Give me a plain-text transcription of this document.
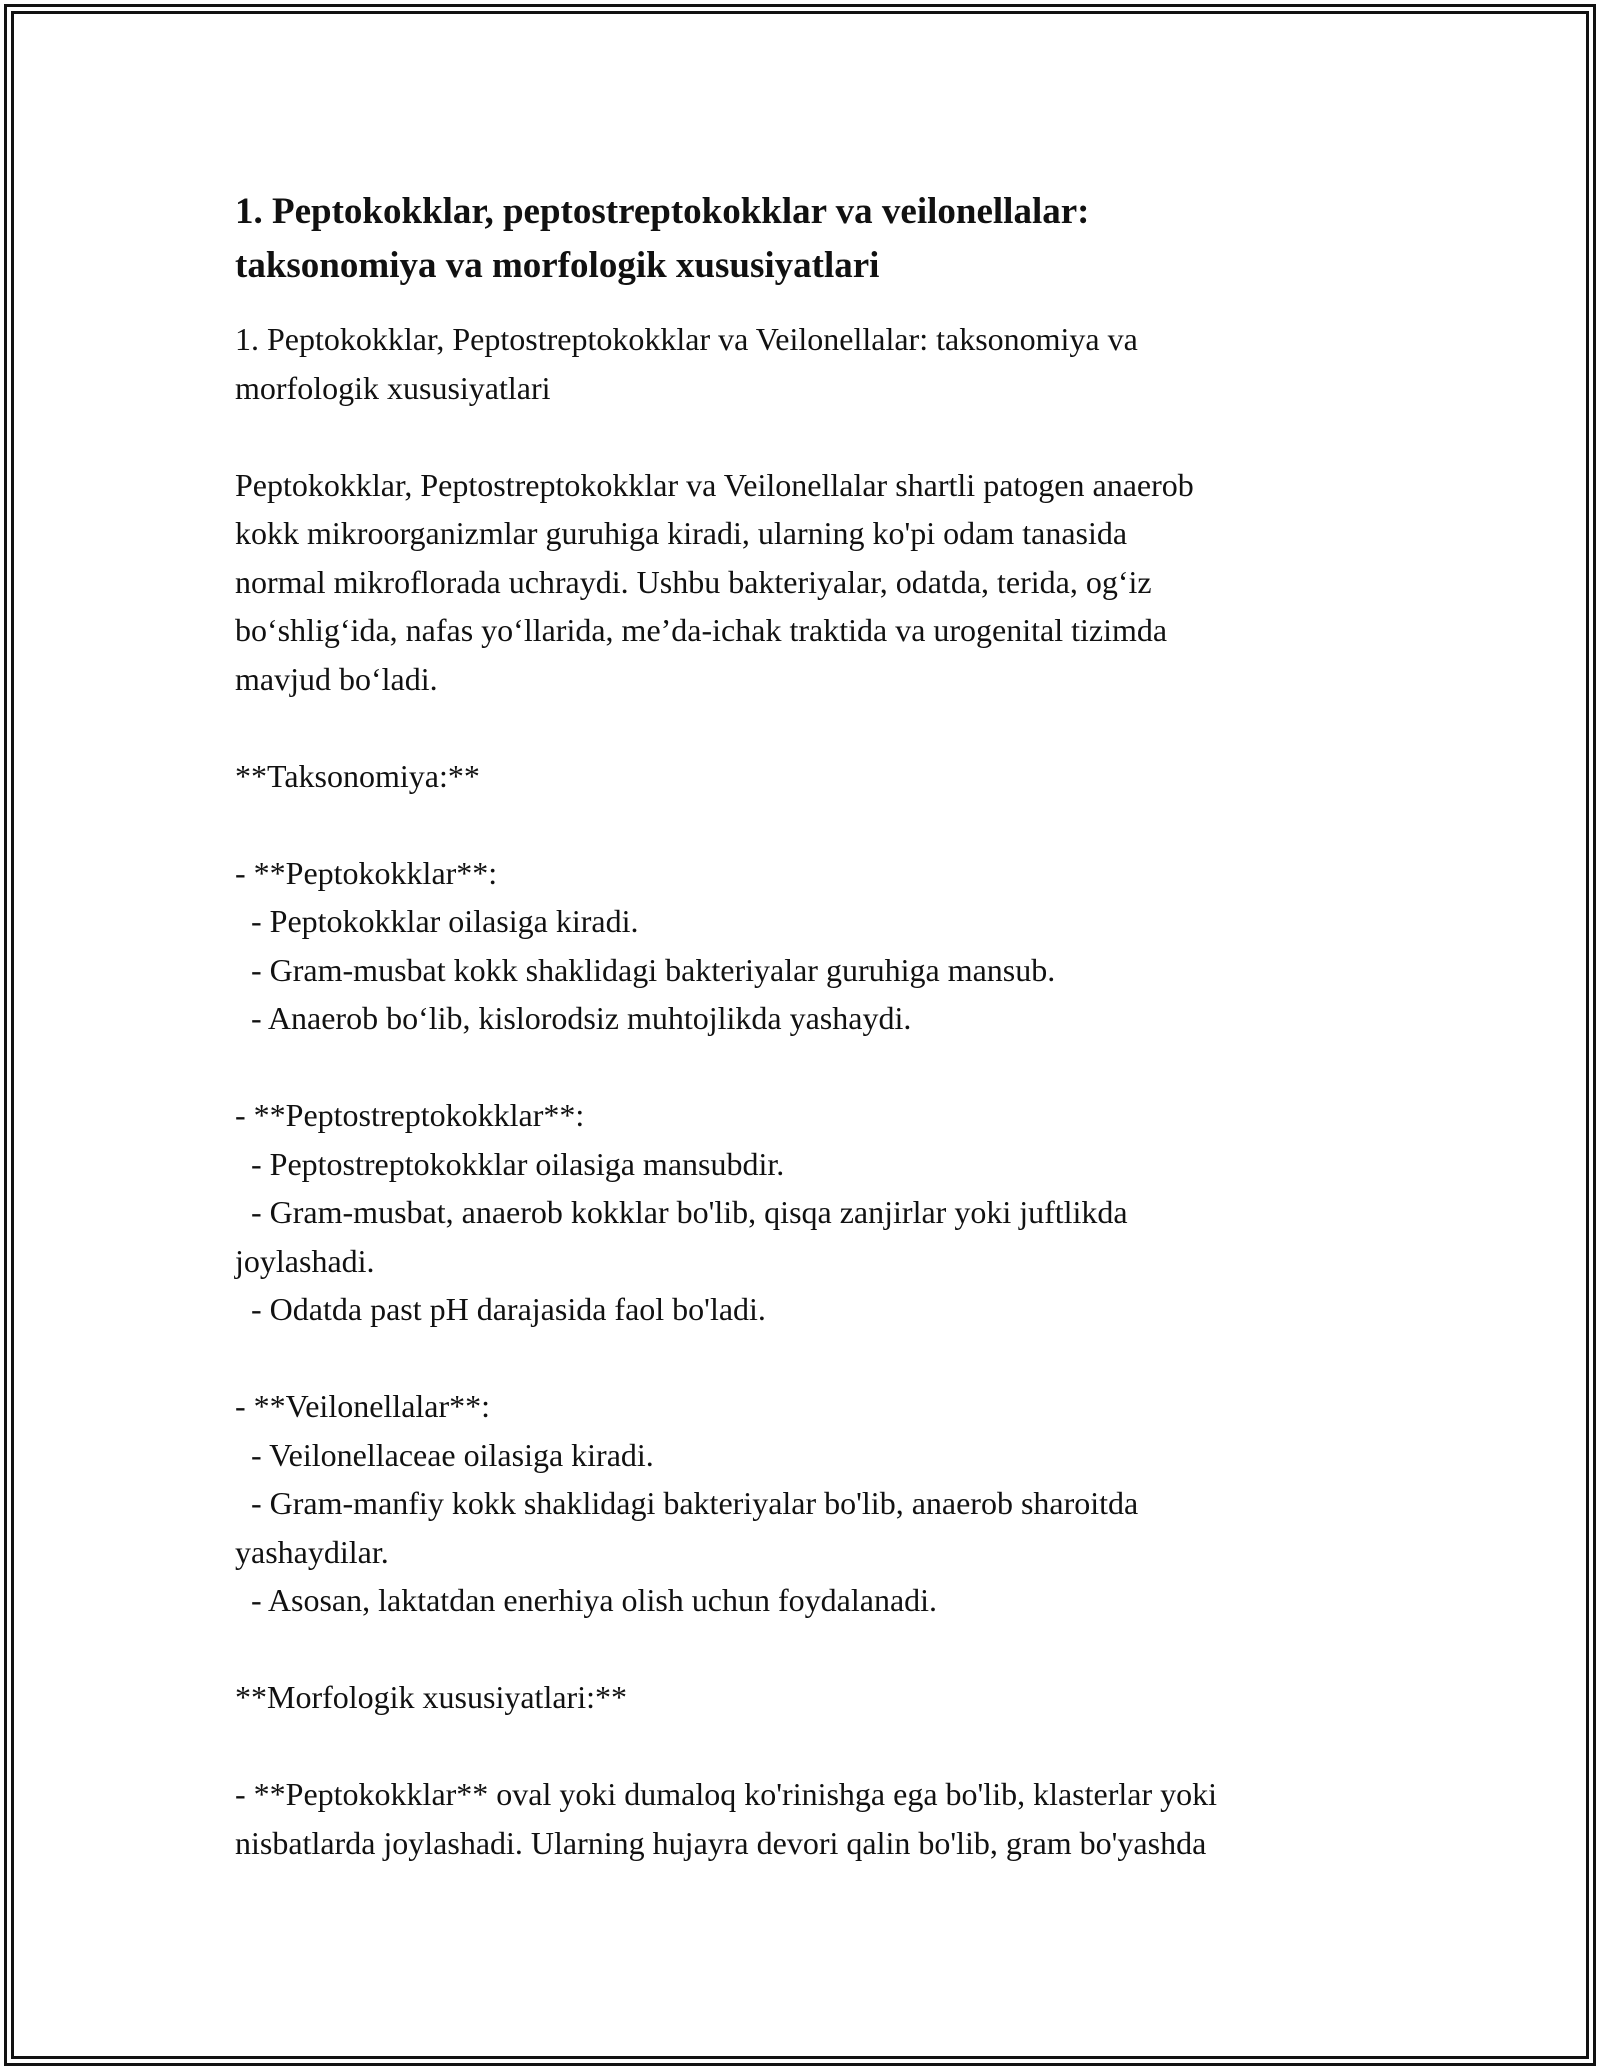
1. Peptokokklar, peptostreptokokklar va veilonellalar:
taksonomiya va morfologik xususiyatlari
1. Peptokokklar, Peptostreptokokklar va Veilonellalar: taksonomiya va
morfologik xususiyatlari
Peptokokklar, Peptostreptokokklar va Veilonellalar shartli patogen anaerob
kokk mikroorganizmlar guruhiga kiradi, ularning ko'pi odam tanasida
normal mikroflorada uchraydi. Ushbu bakteriyalar, odatda, terida, og‘iz
bo‘shlig‘ida, nafas yo‘llarida, me’da-ichak traktida va urogenital tizimda
mavjud bo‘ladi.
**Taksonomiya:**
- **Peptokokklar**:
- Peptokokklar oilasiga kiradi.
- Gram-musbat kokk shaklidagi bakteriyalar guruhiga mansub.
- Anaerob bo‘lib, kislorodsiz muhtojlikda yashaydi.
- **Peptostreptokokklar**:
- Peptostreptokokklar oilasiga mansubdir.
- Gram-musbat, anaerob kokklar bo'lib, qisqa zanjirlar yoki juftlikda
joylashadi.
- Odatda past pH darajasida faol bo'ladi.
- **Veilonellalar**:
- Veilonellaceae oilasiga kiradi.
- Gram-manfiy kokk shaklidagi bakteriyalar bo'lib, anaerob sharoitda
yashaydilar.
- Asosan, laktatdan enerhiya olish uchun foydalanadi.
**Morfologik xususiyatlari:**
- **Peptokokklar** oval yoki dumaloq ko'rinishga ega bo'lib, klasterlar yoki
nisbatlarda joylashadi. Ularning hujayra devori qalin bo'lib, gram bo'yashda
